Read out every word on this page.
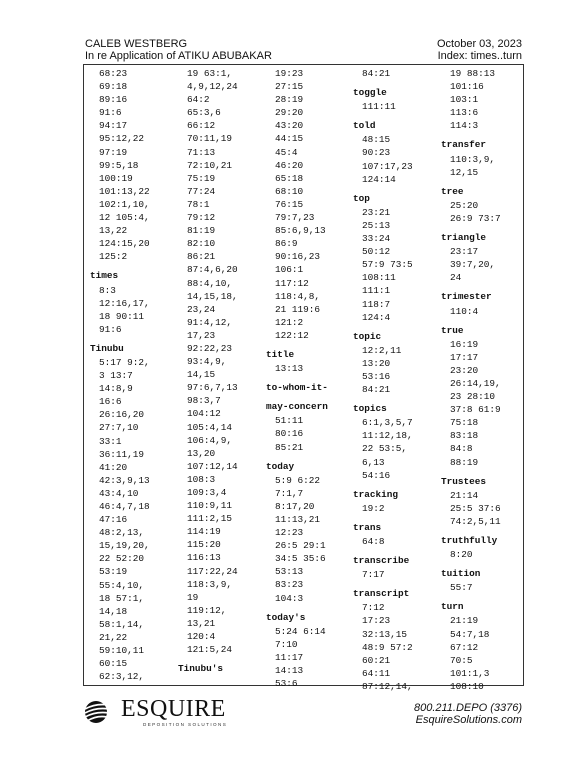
CALEB WESTBERG	October 03, 2023
In re Application of ATIKU ABUBAKAR	Index: times..turn
68:23
69:18
89:16
91:6
94:17
95:12,22
97:19
99:5,18
100:19
101:13,22
102:1,10,
12 105:4,
13,22
124:15,20
125:2
times
8:3
12:16,17,
18 90:11
91:6
Tinubu
5:17 9:2,
3 13:7
14:8,9
16:6
26:16,20
27:7,10
33:1
36:11,19
41:20
42:3,9,13
43:4,10
46:4,7,18
47:16
48:2,13,
15,19,20,
22 52:20
53:19
55:4,10,
18 57:1,
14,18
58:1,14,
21,22
59:10,11
60:15
62:3,12,
19 63:1,
4,9,12,24
64:2
65:3,6
66:12
70:11,19
71:13
72:10,21
75:19
77:24
78:1
79:12
81:19
82:10
86:21
87:4,6,20
88:4,10,
14,15,18,
23,24
91:4,12,
17,23
92:22,23
93:4,9,
14,15
97:6,7,13
98:3,7
104:12
105:4,14
106:4,9,
13,20
107:12,14
108:3
109:3,4
110:9,11
111:2,15
114:19
115:20
116:13
117:22,24
118:3,9,
19
119:12,
13,21
120:4
121:5,24
Tinubu's
19:23
27:15
28:19
29:20
43:20
44:15
45:4
46:20
65:18
68:10
76:15
79:7,23
85:6,9,13
86:9
90:16,23
106:1
117:12
118:4,8,
21 119:6
121:2
122:12
title
13:13
to-whom-it-
may-concern
51:11
80:16
85:21
today
5:9 6:22
7:1,7
8:17,20
11:13,21
12:23
26:5 29:1
34:5 35:6
53:13
83:23
104:3
today's
5:24 6:14
7:10
11:17
14:13
53:6
84:21
toggle
111:11
told
48:15
90:23
107:17,23
124:14
top
23:21
25:13
33:24
50:12
57:9 73:5
108:11
111:1
118:7
124:4
topic
12:2,11
13:20
53:16
84:21
topics
6:1,3,5,7
11:12,18,
22 53:5,
6,13
54:16
tracking
19:2
trans
64:8
transcribe
7:17
transcript
7:12
17:23
32:13,15
48:9 57:2
60:21
64:11
87:12,14,
19 88:13
101:16
103:1
113:6
114:3
transfer
110:3,9,
12,15
tree
25:20
26:9 73:7
triangle
23:17
39:7,20,
24
trimester
110:4
true
16:19
17:17
23:20
26:14,19,
23 28:10
37:8 61:9
75:18
83:18
84:8
88:19
Trustees
21:14
25:5 37:6
74:2,5,11
truthfully
8:20
tuition
55:7
turn
21:19
54:7,18
67:12
70:5
101:1,3
108:10
ESQUIRE
DEPOSITION SOLUTIONS
800.211.DEPO (3376)
EsquireSolutions.com
